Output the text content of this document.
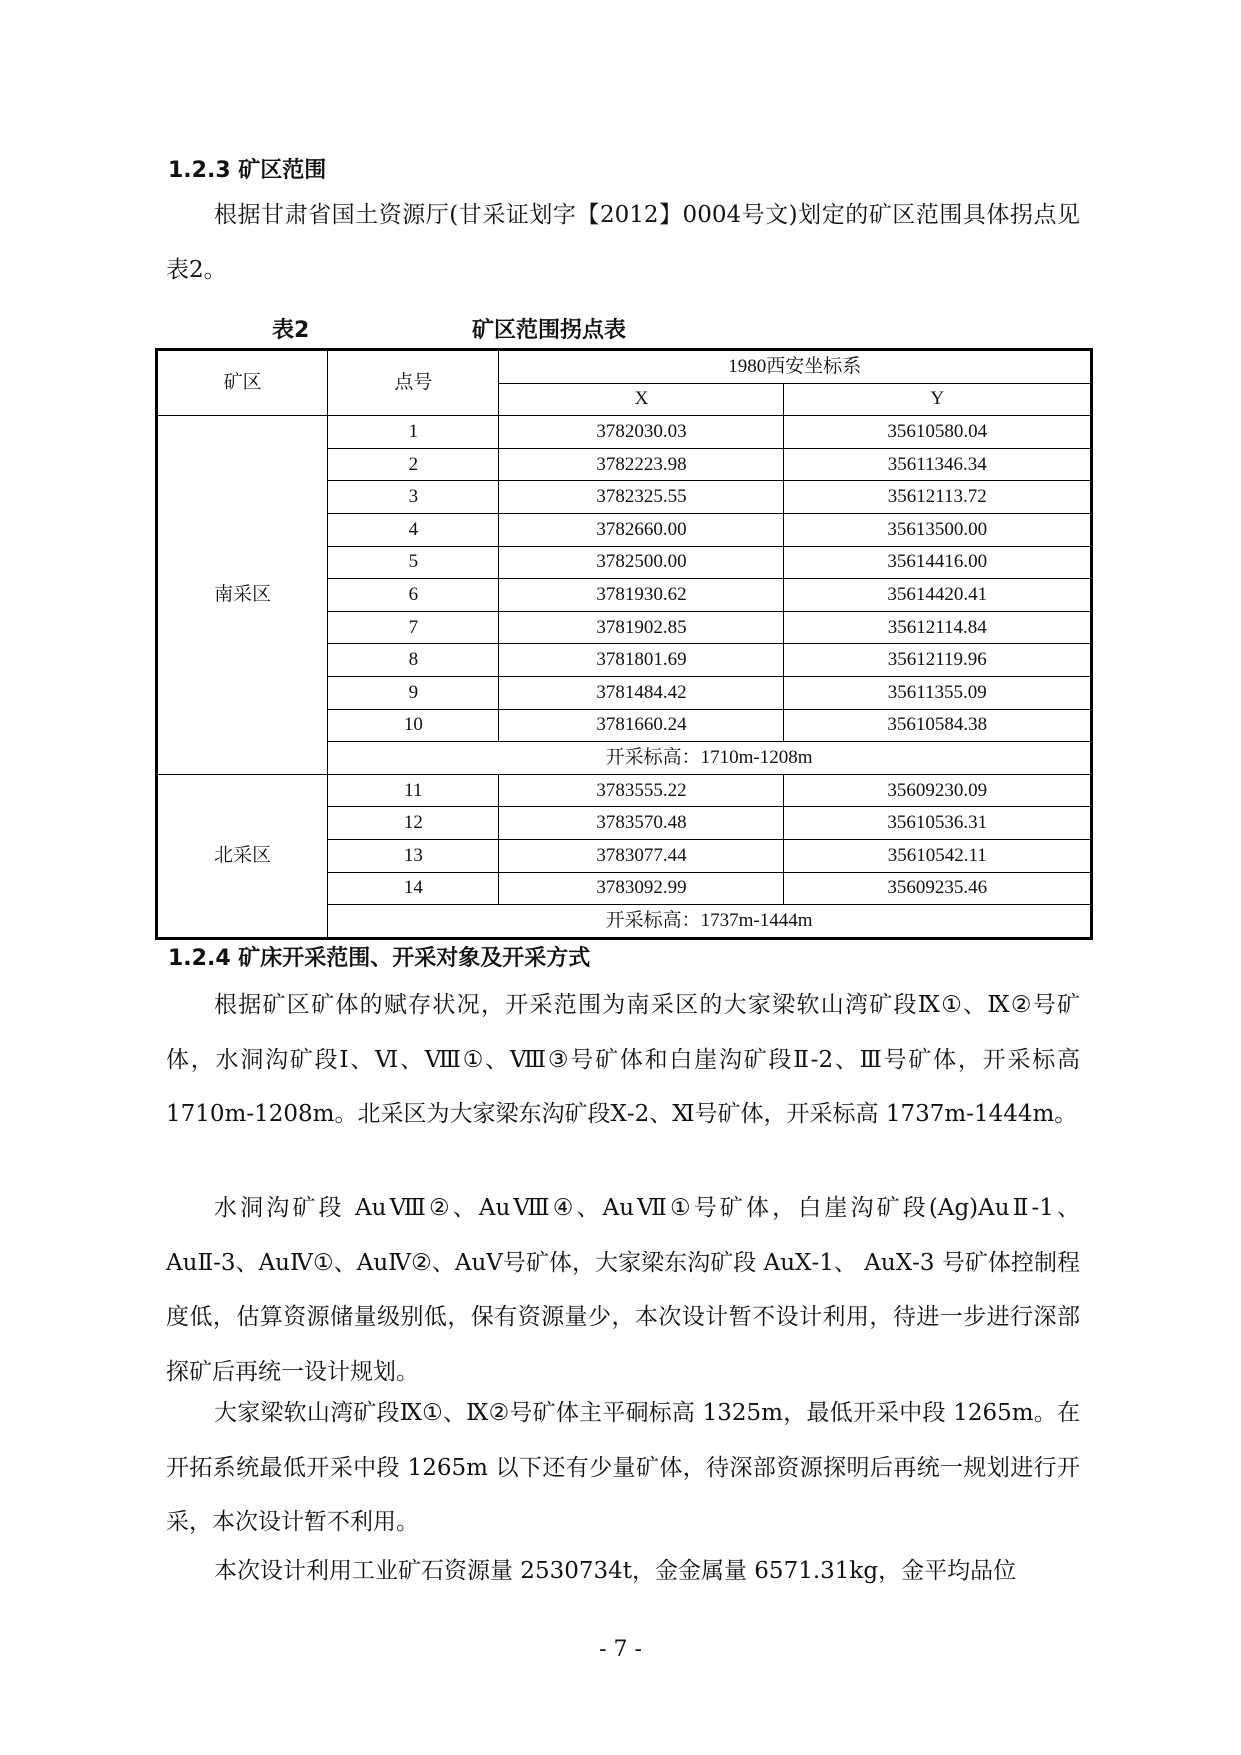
1.2.3 矿区范围

根据甘肃省国土资源厅(甘采证划字【2012】0004号文)划定的矿区范围具体拐点见表2。

表2	矿区范围拐点表
矿区	点号	1980西安坐标系	
		X	Y
南采区	1	3782030.03	35610580.04
	2	3782223.98	35611346.34
	3	3782325.55	35612113.72
	4	3782660.00	35613500.00
	5	3782500.00	35614416.00
	6	3781930.62	35614420.41
	7	3781902.85	35612114.84
	8	3781801.69	35612119.96
	9	3781484.42	35611355.09
	10	3781660.24	35610584.38
	开采标高：1710m-1208m		
北采区	11	3783555.22	35609230.09
	12	3783570.48	35610536.31
	13	3783077.44	35610542.11
	14	3783092.99	35609235.46
	开采标高：1737m-1444m		
1.2.4 矿床开采范围、开采对象及开采方式

根据矿区矿体的赋存状况，开采范围为南采区的大家梁软山湾矿段Ⅸ①、Ⅸ②号矿体，水洞沟矿段Ⅰ、Ⅵ、Ⅷ①、Ⅷ③号矿体和白崖沟矿段Ⅱ-2、Ⅲ号矿体，开采标高 1710m-1208m。北采区为大家梁东沟矿段Ⅹ-2、Ⅺ号矿体，开采标高 1737m-1444m。

水洞沟矿段 AuⅧ②、AuⅧ④、AuⅦ①号矿体，白崖沟矿段(Ag)AuⅡ-1、AuⅡ-3、AuⅣ①、AuⅣ②、AuⅤ号矿体，大家梁东沟矿段 AuⅩ-1、 AuⅩ-3 号矿体控制程度低，估算资源储量级别低，保有资源量少，本次设计暂不设计利用，待进一步进行深部探矿后再统一设计规划。

大家梁软山湾矿段Ⅸ①、Ⅸ②号矿体主平硐标高 1325m，最低开采中段 1265m。在开拓系统最低开采中段 1265m 以下还有少量矿体，待深部资源探明后再统一规划进行开采，本次设计暂不利用。

本次设计利用工业矿石资源量 2530734t，金金属量 6571.31kg，金平均品位

- 7 -
